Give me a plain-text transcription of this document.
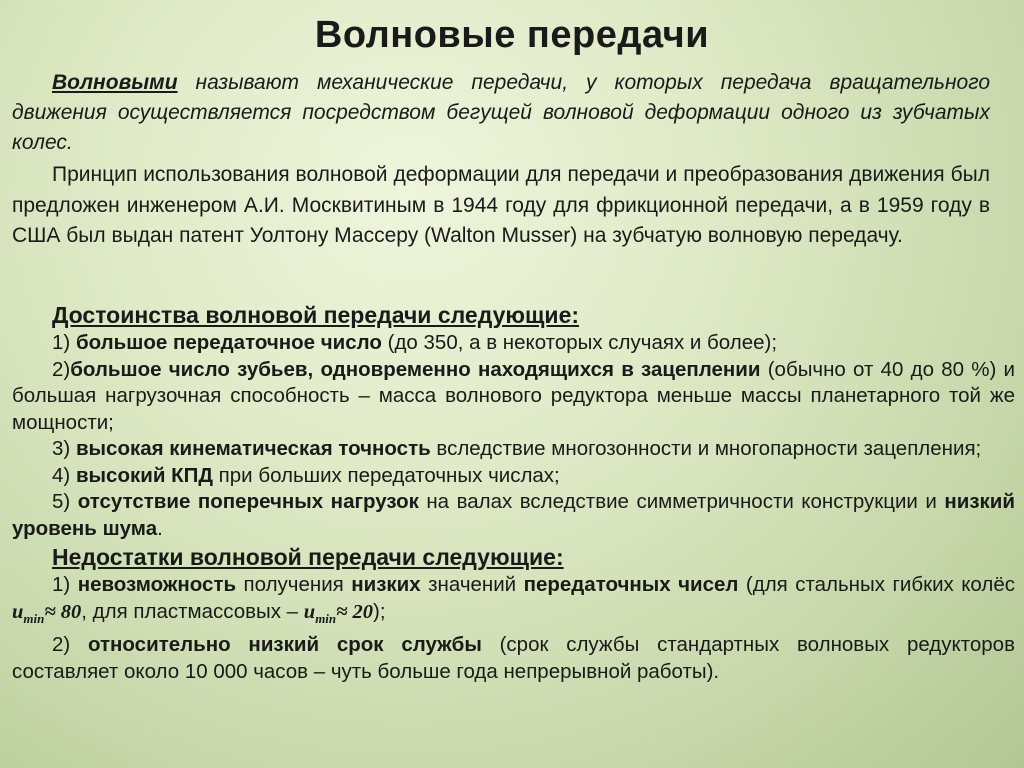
Волновые передачи
Волновыми называют механические передачи, у которых передача вращательного движения осуществляется посредством бегущей волновой деформации одного из зубчатых колес.
Принцип использования волновой деформации для передачи и преобразования движения был предложен инженером А.И. Москвитиным в 1944 году для фрикционной передачи, а в 1959 году в США был выдан патент Уолтону Массеру (Walton Musser) на зубчатую волновую передачу.
Достоинства волновой передачи следующие:
1) большое передаточное число (до 350, а в некоторых случаях и более);
2)большое число зубьев, одновременно находящихся в зацеплении (обычно от 40 до 80 %) и большая нагрузочная способность – масса волнового редуктора меньше массы планетарного той же мощности;
3) высокая кинематическая точность вследствие многозонности и многопарности зацепления;
4) высокий КПД при больших передаточных числах;
5) отсутствие поперечных нагрузок на валах вследствие симметричности конструкции и низкий уровень шума.
Недостатки волновой передачи следующие:
1) невозможность получения низких значений передаточных чисел (для стальных гибких колёс $u_{min}\approx 80$, для пластмассовых – $u_{min}\approx 20$);
2) относительно низкий срок службы (срок службы стандартных волновых редукторов составляет около 10 000 часов – чуть больше года непрерывной работы).
